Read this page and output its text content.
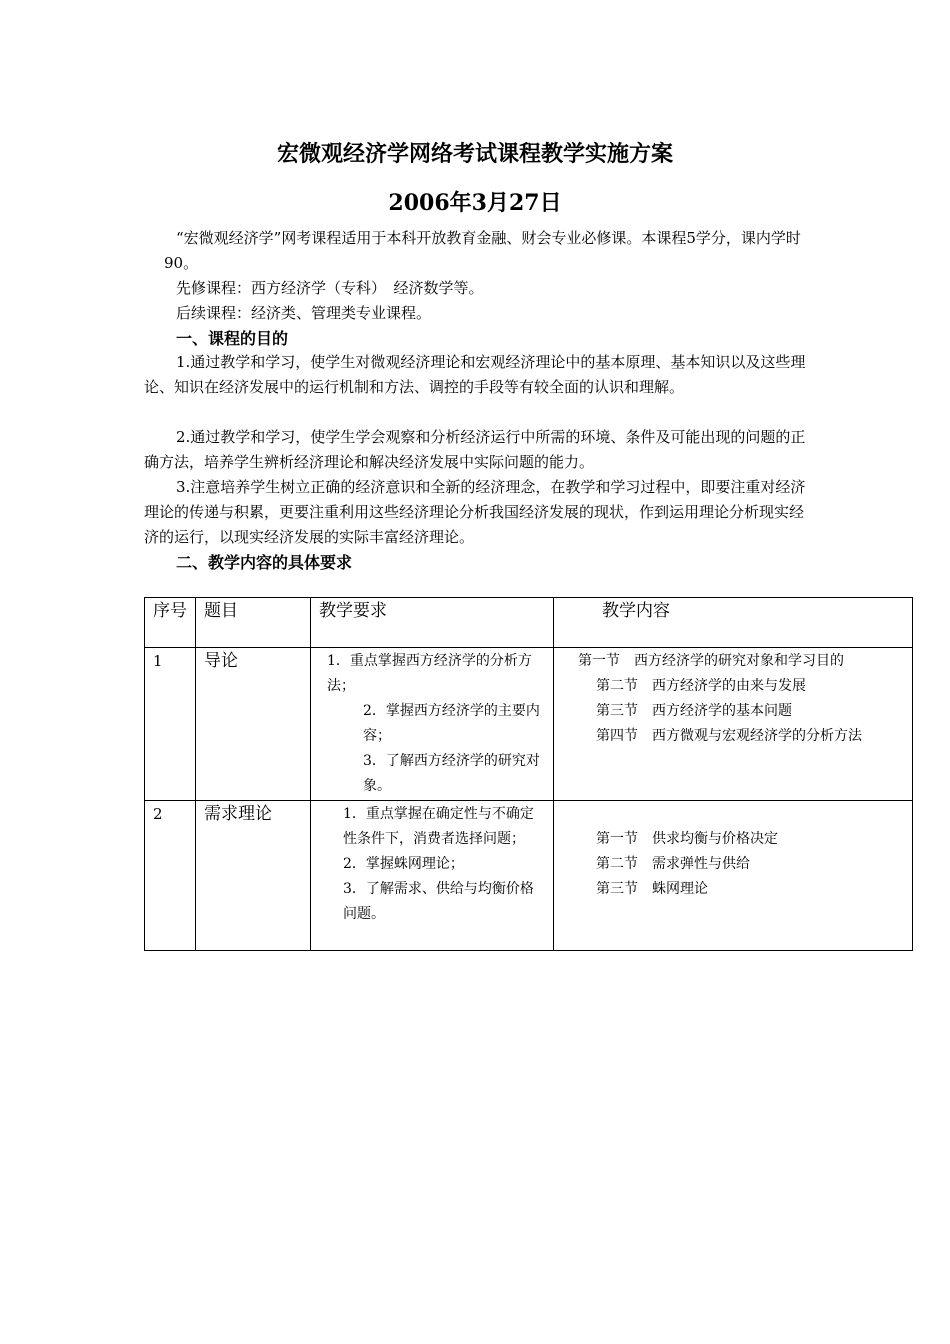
宏微观经济学网络考试课程教学实施方案
2006年3月27日
“宏微观经济学”网考课程适用于本科开放教育金融、财会专业必修课。本课程5学分，课内学时90。
先修课程：西方经济学（专科）　经济数学等。
后续课程：经济类、管理类专业课程。
一、课程的目的
1.通过教学和学习，使学生对微观经济理论和宏观经济理论中的基本原理、基本知识以及这些理论、知识在经济发展中的运行机制和方法、调控的手段等有较全面的认识和理解。
2.通过教学和学习，使学生学会观察和分析经济运行中所需的环境、条件及可能出现的问题的正确方法，培养学生辨析经济理论和解决经济发展中实际问题的能力。
3.注意培养学生树立正确的经济意识和全新的经济理念，在教学和学习过程中，即要注重对经济理论的传递与积累，更要注重利用这些经济理论分析我国经济发展的现状，作到运用理论分析现实经济的运行，以现实经济发展的实际丰富经济理论。
二、教学内容的具体要求
序号	题目	教学要求	教学内容
1	导论	1．重点掌握西方经济学的分析方法；
2．掌握西方经济学的主要内容；
3．了解西方经济学的研究对象。	第一节　西方经济学的研究对象和学习目的
第二节　西方经济学的由来与发展
第三节　西方经济学的基本问题
第四节　西方微观与宏观经济学的分析方法

2	需求理论	1．重点掌握在确定性与不确定性条件下，消费者选择问题；
2．掌握蛛网理论；
3．了解需求、供给与均衡价格问题。	第一节　供求均衡与价格决定
第二节　需求弹性与供给
第三节　蛛网理论
